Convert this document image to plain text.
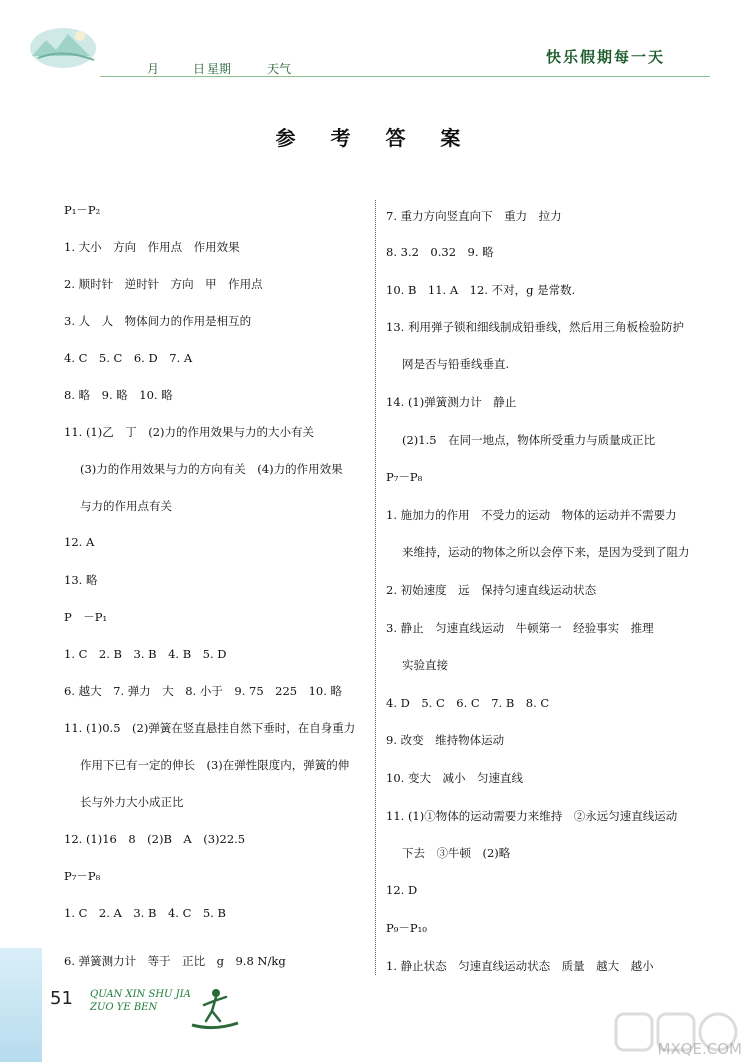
月	日 星期	天气
快乐假期每一天
参 考 答 案
P₁－P₂
1. 大小　方向　作用点　作用效果
2. 顺时针　逆时针　方向　甲　作用点
3. 人　人　物体间力的作用是相互的
4. C　5. C　6. D　7. A
8. 略　9. 略　10. 略
11. (1)乙　丁　(2)力的作用效果与力的大小有关
(3)力的作用效果与力的方向有关　(4)力的作用效果
与力的作用点有关
12. A
13. 略
P　－P₁
1. C　2. B　3. B　4. B　5. D
6. 越大　7. 弹力　大　8. 小于　9. 75　225　10. 略
11. (1)0.5　(2)弹簧在竖直悬挂自然下垂时，在自身重力
作用下已有一定的伸长　(3)在弹性限度内，弹簧的伸
长与外力大小成正比
12. (1)16　8　(2)B　A　(3)22.5
P₇－P₈
1. C　2. A　3. B　4. C　5. B
6. 弹簧测力计　等于　正比　g　9.8 N/kg
7. 重力方向竖直向下　重力　拉力
8. 3.2　0.32　9. 略
10. B　11. A　12. 不对，g 是常数.
13. 利用弹子锁和细线制成铅垂线，然后用三角板检验防护
网是否与铅垂线垂直.
14. (1)弹簧测力计　静止
(2)1.5　在同一地点，物体所受重力与质量成正比
P₇－P₈
1. 施加力的作用　不受力的运动　物体的运动并不需要力
来维持，运动的物体之所以会停下来，是因为受到了阻力
2. 初始速度　远　保持匀速直线运动状态
3. 静止　匀速直线运动　牛顿第一　经验事实　推理
实验直接
4. D　5. C　6. C　7. B　8. C
9. 改变　维持物体运动
10. 变大　减小　匀速直线
11. (1)①物体的运动需要力来维持　②永远匀速直线运动
下去　③牛顿　(2)略
12. D
P₉－P₁₀
1. 静止状态　匀速直线运动状态　质量　越大　越小
51 QUAN XIN SHU JIA
ZUO YE BEN
MXQE.COM
